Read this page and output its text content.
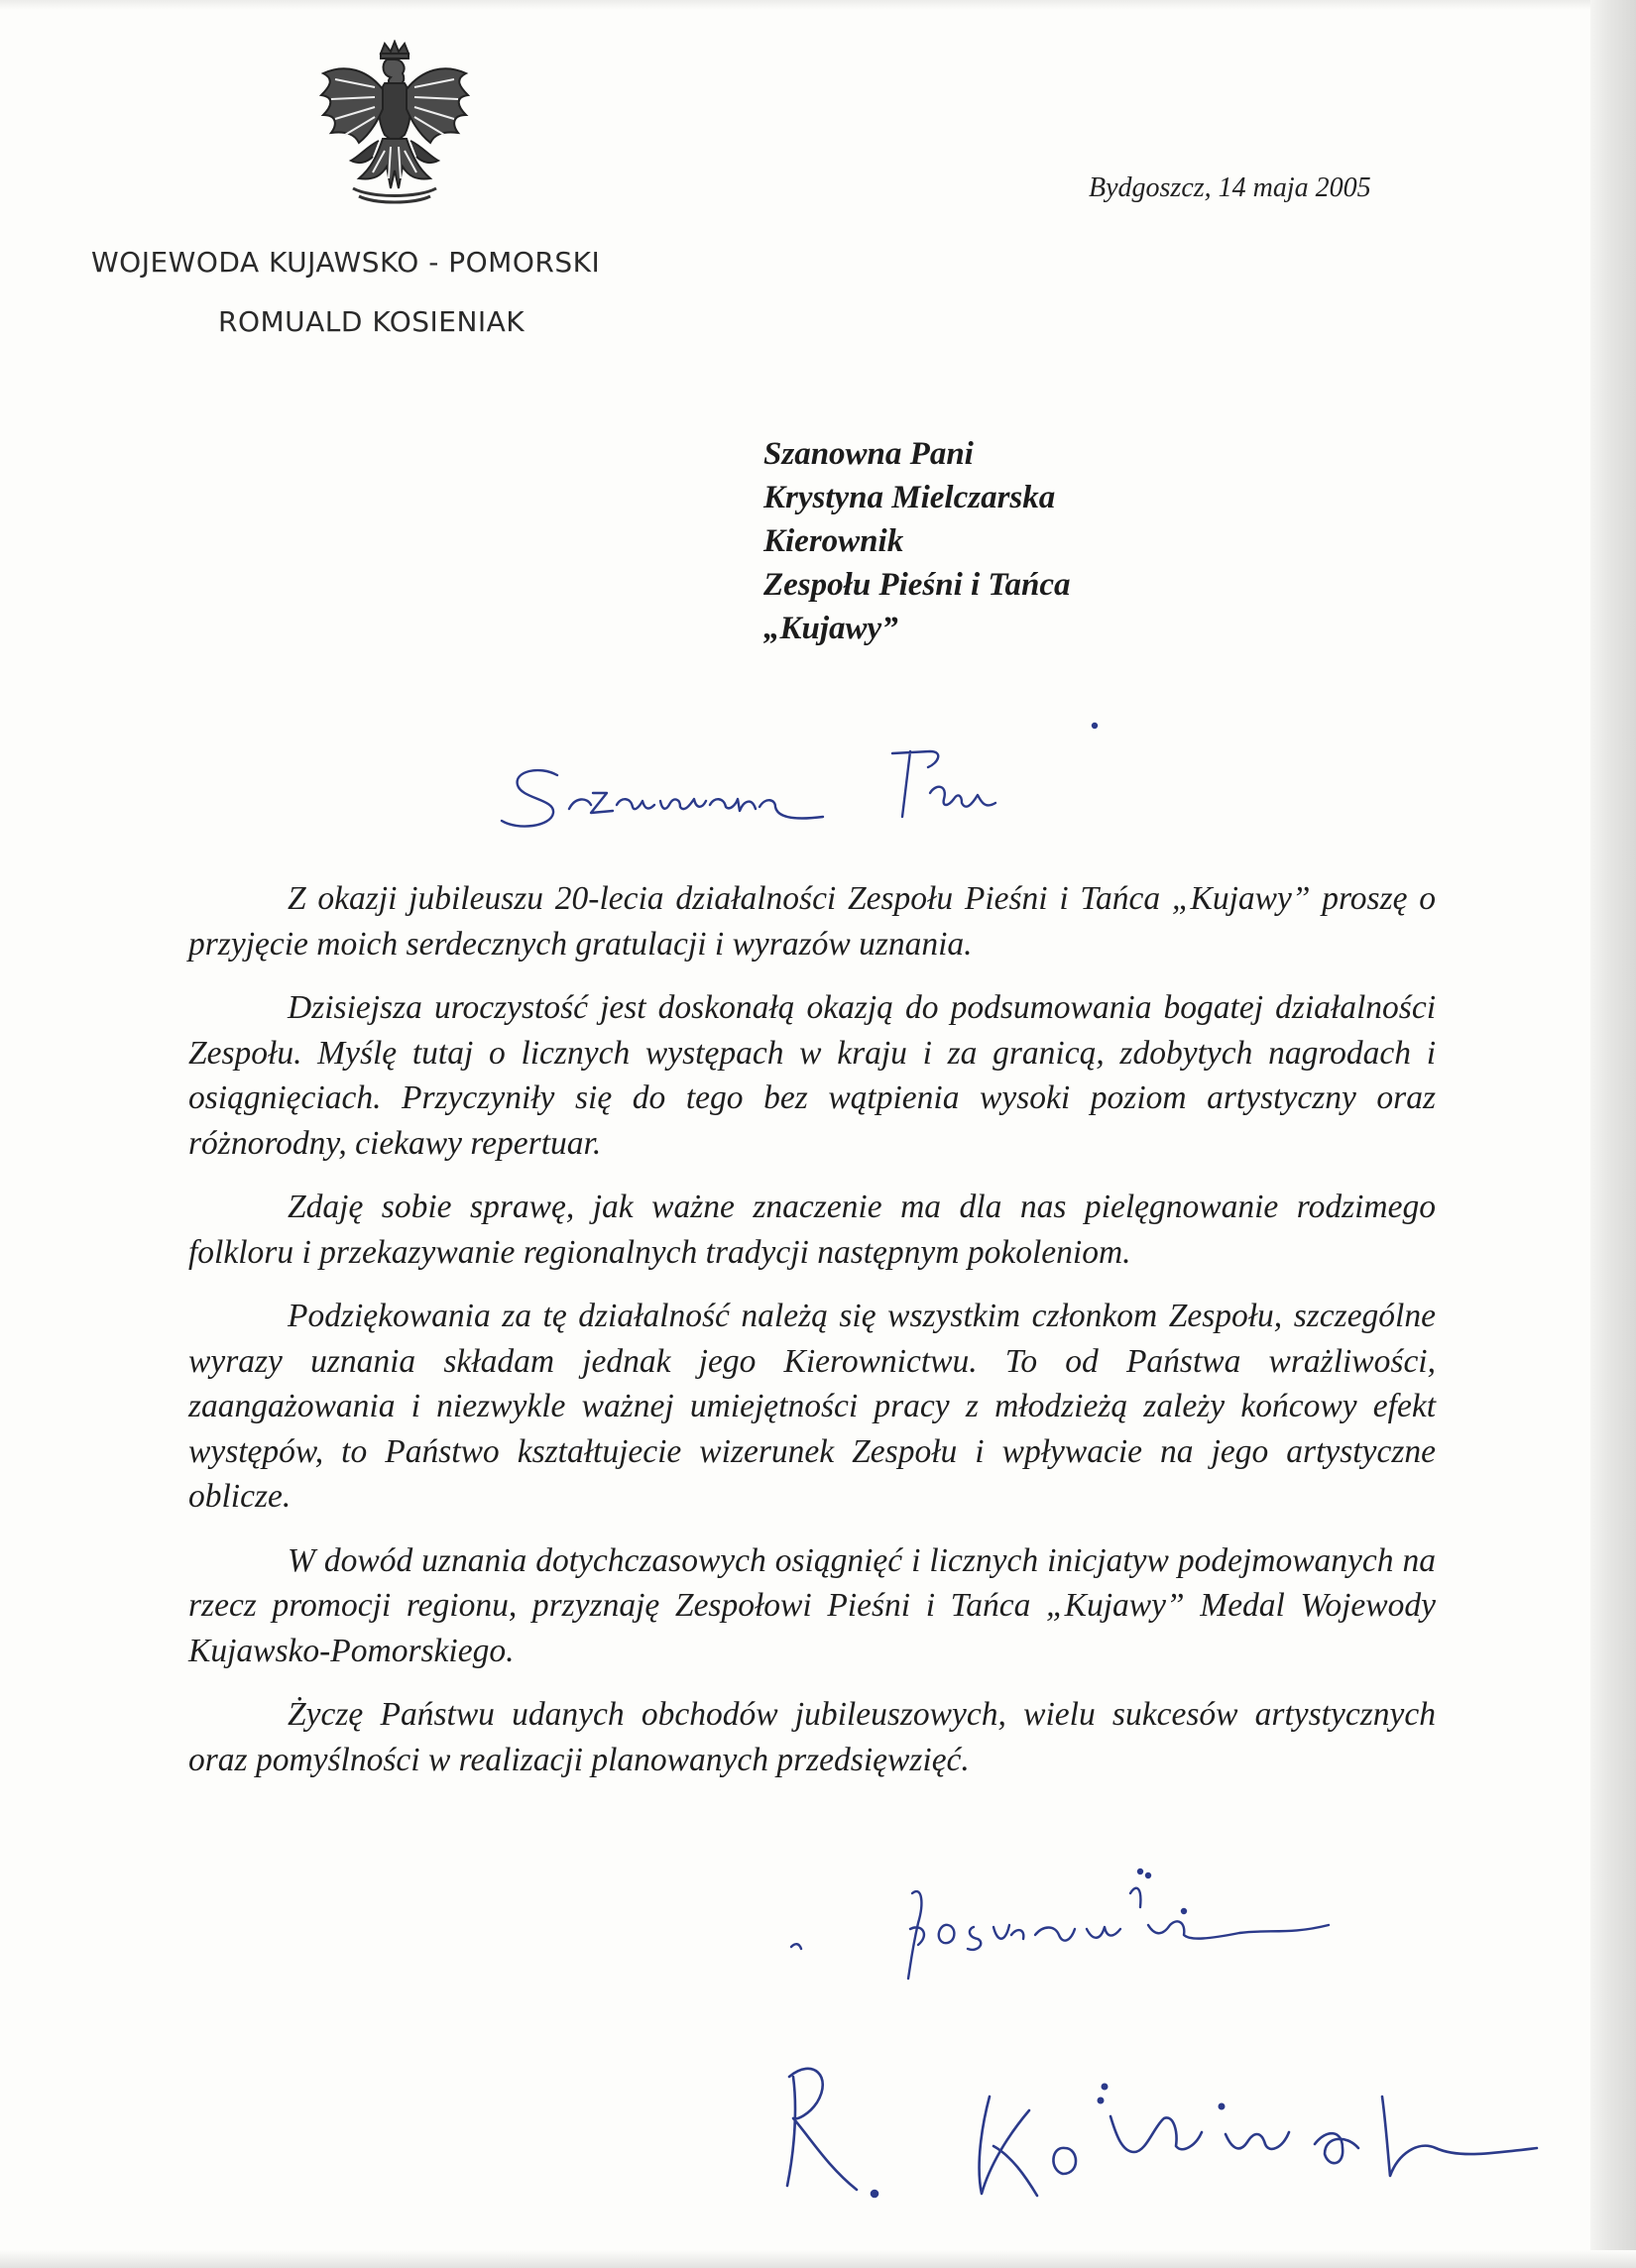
WOJEWODA KUJAWSKO - POMORSKI
ROMUALD KOSIENIAK
Bydgoszcz, 14 maja 2005
Szanowna Pani
Krystyna Mielczarska
Kierownik
Zespołu Pieśni i Tańca
„Kujawy”

Z okazji jubileuszu 20-lecia działalności Zespołu Pieśni i Tańca „Kujawy” proszę o przyjęcie moich serdecznych gratulacji i wyrazów uznania.

Dzisiejsza uroczystość jest doskonałą okazją do podsumowania bogatej działalności Zespołu. Myślę tutaj o licznych występach w kraju i za granicą, zdobytych nagrodach i osiągnięciach. Przyczyniły się do tego bez wątpienia wysoki poziom artystyczny oraz różnorodny, ciekawy repertuar.

Zdaję sobie sprawę, jak ważne znaczenie ma dla nas pielęgnowanie rodzimego folkloru i przekazywanie regionalnych tradycji następnym pokoleniom.

Podziękowania za tę działalność należą się wszystkim członkom Zespołu, szczególne wyrazy uznania składam jednak jego Kierownictwu. To od Państwa wrażliwości, zaangażowania i niezwykle ważnej umiejętności pracy z młodzieżą zależy końcowy efekt występów, to Państwo kształtujecie wizerunek Zespołu i wpływacie na jego artystyczne oblicze.

W dowód uznania dotychczasowych osiągnięć i licznych inicjatyw podejmowanych na rzecz promocji regionu, przyznaję Zespołowi Pieśni i Tańca „Kujawy” Medal Wojewody Kujawsko-Pomorskiego.

Życzę Państwu udanych obchodów jubileuszowych, wielu sukcesów artystycznych oraz pomyślności w realizacji planowanych przedsięwzięć.
